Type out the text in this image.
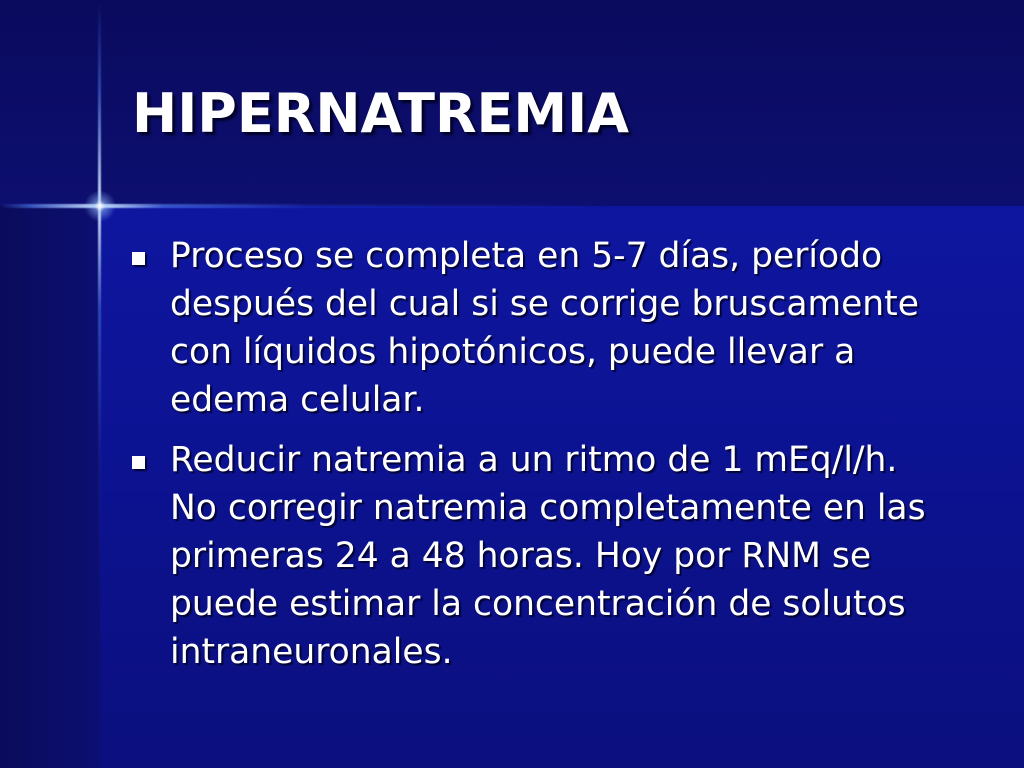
HIPERNATREMIA
Proceso se completa en 5-7 días, período después del cual si se corrige bruscamente con líquidos hipotónicos, puede llevar a edema celular.
Reducir natremia a un ritmo de 1 mEq/l/h. No corregir natremia completamente en las primeras 24 a 48 horas. Hoy por RNM se puede estimar la concentración de solutos intraneuronales.
